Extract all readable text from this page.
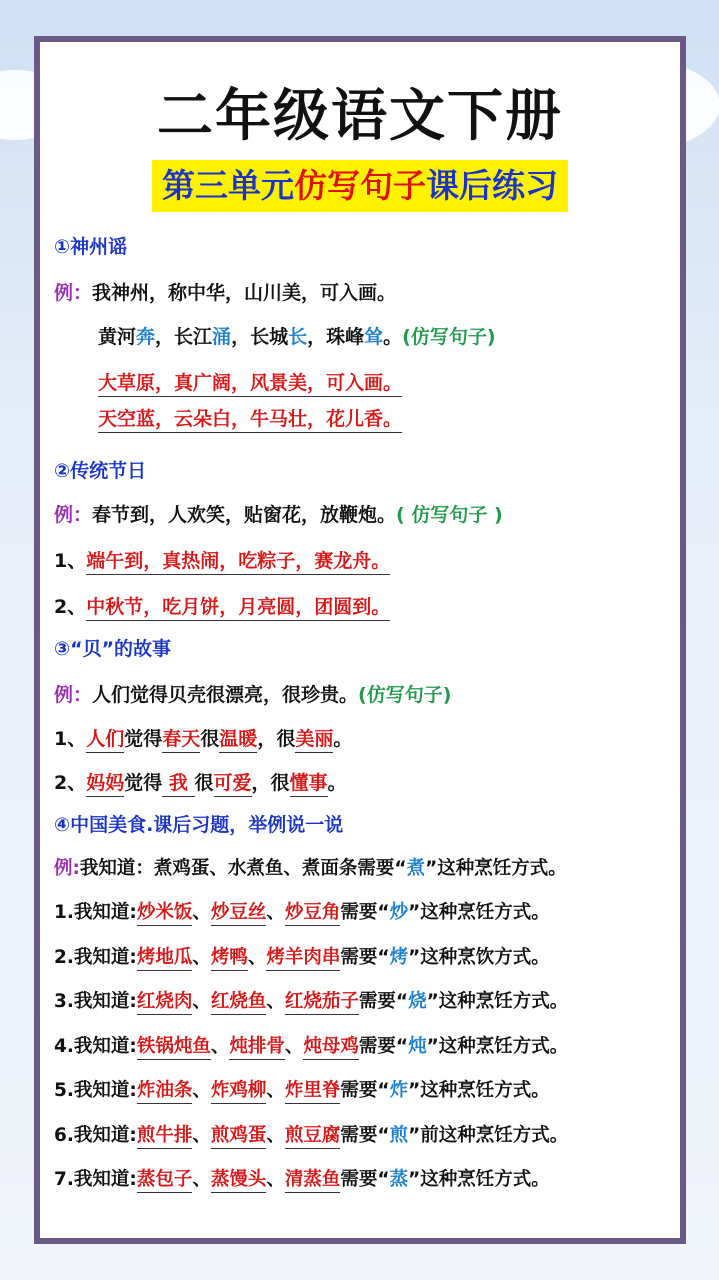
二年级语文下册
第三单元仿写句子课后练习
①神州谣
例：我神州，称中华，山川美，可入画。
黄河奔，长江涌，长城长，珠峰耸。(仿写句子)
大草原，真广阔，风景美，可入画。
天空蓝，云朵白，牛马壮，花儿香。
②传统节日
例：春节到，人欢笑，贴窗花，放鞭炮。( 仿写句子 )
1、端午到，真热闹，吃粽子，赛龙舟。
2、中秋节，吃月饼，月亮圆，团圆到。
③“贝”的故事
例：人们觉得贝壳很漂亮，很珍贵。(仿写句子)
1、人们觉得春天很温暖，很美丽。
2、妈妈觉得 我 很可爱，很懂事。
④中国美食.课后习题，举例说一说
例:我知道：煮鸡蛋、水煮鱼、煮面条需要“煮”这种烹饪方式。
1.我知道:炒米饭、炒豆丝、炒豆角需要“炒”这种烹饪方式。
2.我知道:烤地瓜、烤鸭、烤羊肉串需要“烤”这种烹饮方式。
3.我知道:红烧肉、红烧鱼、红烧茄子需要“烧”这种烹饪方式。
4.我知道:铁锅炖鱼、炖排骨、炖母鸡需要“炖”这种烹饪方式。
5.我知道:炸油条、炸鸡柳、炸里脊需要“炸”这种烹饪方式。
6.我知道:煎牛排、煎鸡蛋、煎豆腐需要“煎”前这种烹饪方式。
7.我知道:蒸包子、蒸馒头、清蒸鱼需要“蒸”这种烹饪方式。
